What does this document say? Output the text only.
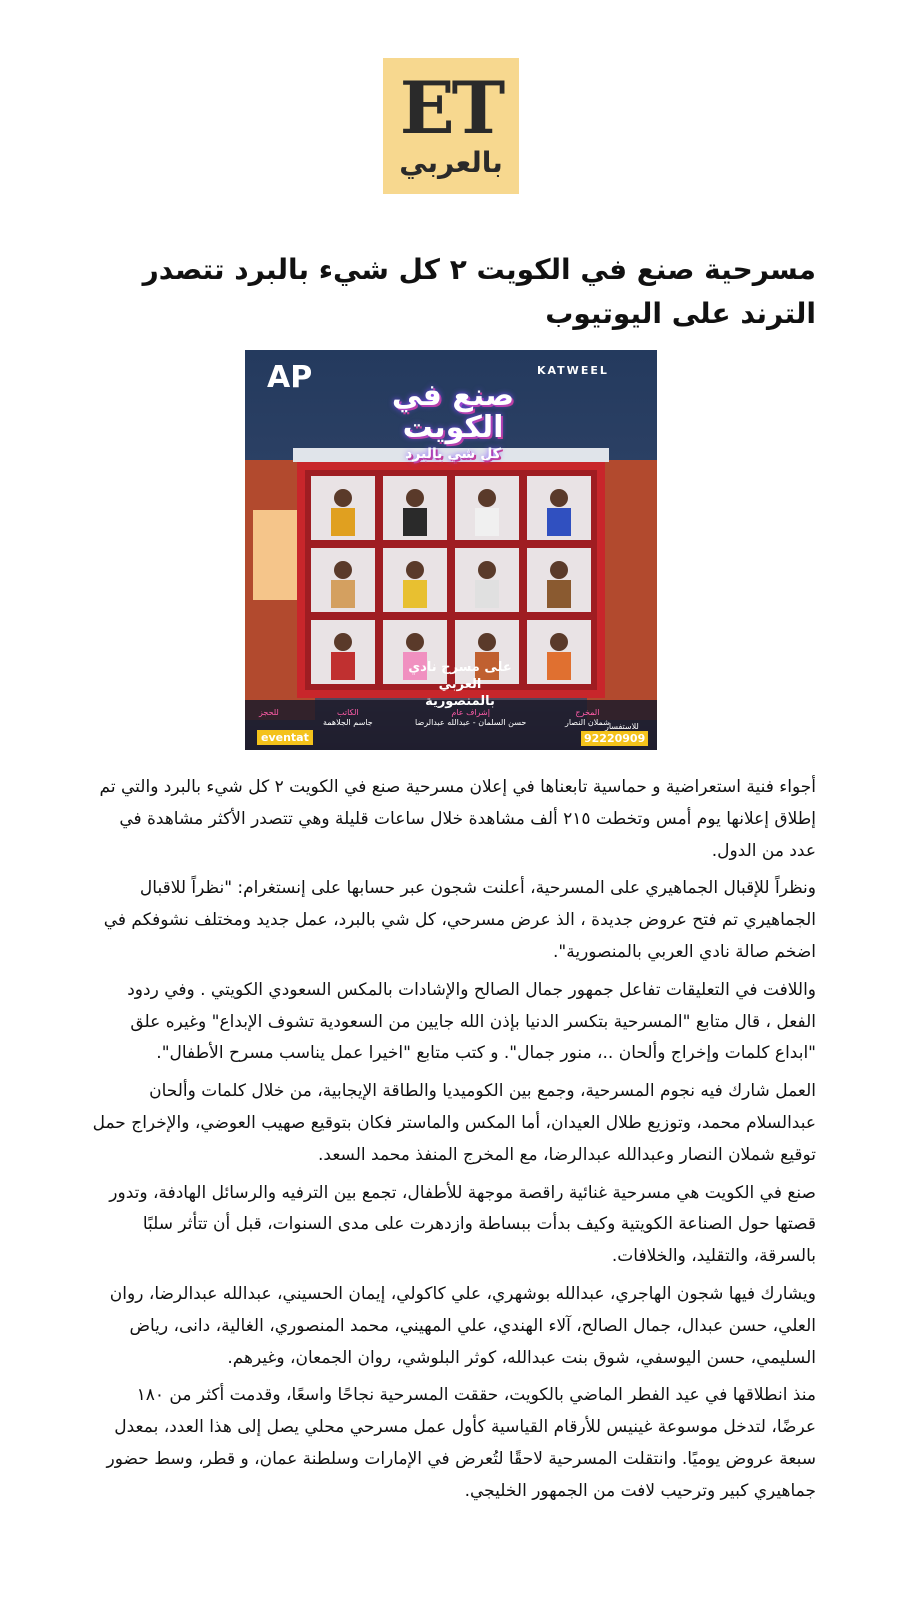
ET
بالعربي
مسرحية صنع في الكويت ٢ كل شيء بالبرد تتصدر الترند على اليوتيوب
AP	KATWEEL
صنع في الكويت
كل شي بالبرد
على مسرح نادي العربي
بالمنصورية
المخرج
شملان النصار
إشراف عام
حسن السلمان - عبدالله عبدالرضا
الكاتب
جاسم الجلاهمة
للحجز
للاستفسار
92220909
eventat

أجواء فنية استعراضية و حماسية تابعناها في إعلان مسرحية صنع في الكويت ٢ كل شيء بالبرد والتي تم إطلاق إعلانها يوم أمس وتخطت ٢١٥ ألف مشاهدة خلال ساعات قليلة وهي تتصدر الأكثر مشاهدة في عدد من الدول.

ونظراً للإقبال الجماهيري على المسرحية، أعلنت شجون عبر حسابها على إنستغرام: "نظراً للاقبال الجماهيري تم فتح عروض جديدة ، الذ عرض مسرحي، كل شي بالبرد، عمل جديد ومختلف نشوفكم في اضخم صالة نادي العربي بالمنصورية".

واللافت في التعليقات تفاعل جمهور جمال الصالح والإشادات بالمكس السعودي الكويتي . وفي ردود الفعل ، قال متابع "المسرحية بتكسر الدنيا بإذن الله جايين من السعودية تشوف الإبداع" وغيره علق "ابداع كلمات وإخراج وألحان ..، منور جمال". و كتب متابع "اخيرا عمل يناسب مسرح الأطفال".

العمل شارك فيه نجوم المسرحية، وجمع بين الكوميديا والطاقة الإيجابية، من خلال كلمات وألحان عبدالسلام محمد، وتوزيع طلال العيدان، أما المكس والماستر فكان بتوقيع صهيب العوضي، والإخراج حمل توقيع شملان النصار وعبدالله عبدالرضا، مع المخرج المنفذ محمد السعد.

صنع في الكويت هي مسرحية غنائية راقصة موجهة للأطفال، تجمع بين الترفيه والرسائل الهادفة، وتدور قصتها حول الصناعة الكويتية وكيف بدأت ببساطة وازدهرت على مدى السنوات، قبل أن تتأثر سلبًا بالسرقة، والتقليد، والخلافات.

ويشارك فيها شجون الهاجري، عبدالله بوشهري، علي كاكولي، إيمان الحسيني، عبدالله عبدالرضا، روان العلي، حسن عبدال، جمال الصالح، آلاء الهندي، علي المهيني، محمد المنصوري، الغالية، دانى، رياض السليمي، حسن اليوسفي، شوق بنت عبدالله، كوثر البلوشي، روان الجمعان، وغيرهم.

منذ انطلاقها في عيد الفطر الماضي بالكويت، حققت المسرحية نجاحًا واسعًا، وقدمت أكثر من ١٨٠ عرضًا، لتدخل موسوعة غينيس للأرقام القياسية كأول عمل مسرحي محلي يصل إلى هذا العدد، بمعدل سبعة عروض يوميًا. وانتقلت المسرحية لاحقًا لتُعرض في الإمارات وسلطنة عمان، و قطر، وسط حضور جماهيري كبير وترحيب لافت من الجمهور الخليجي.
